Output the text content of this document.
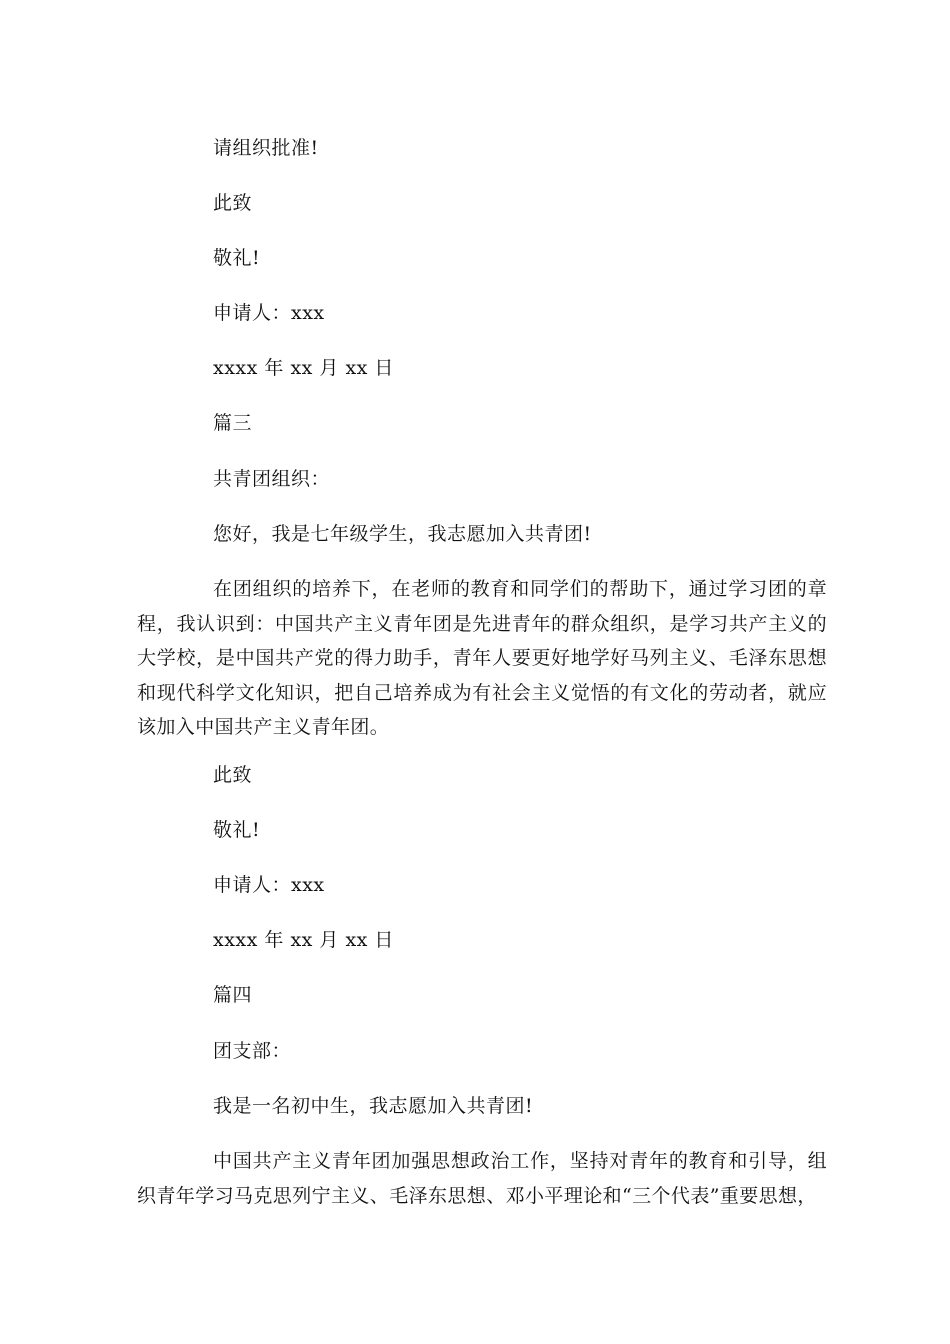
请组织批准!
此致
敬礼!
申请人：xxx
xxxx 年 xx 月 xx 日
篇三
共青团组织：
您好，我是七年级学生，我志愿加入共青团!
在团组织的培养下，在老师的教育和同学们的帮助下，通过学习团的章程，我认识到：中国共产主义青年团是先进青年的群众组织，是学习共产主义的大学校，是中国共产党的得力助手，青年人要更好地学好马列主义、毛泽东思想和现代科学文化知识，把自己培养成为有社会主义觉悟的有文化的劳动者，就应该加入中国共产主义青年团。
此致
敬礼!
申请人：xxx
xxxx 年 xx 月 xx 日
篇四
团支部：
我是一名初中生，我志愿加入共青团!
中国共产主义青年团加强思想政治工作，坚持对青年的教育和引导，组织青年学习马克思列宁主义、毛泽东思想、邓小平理论和“三个代表”重要思想，
